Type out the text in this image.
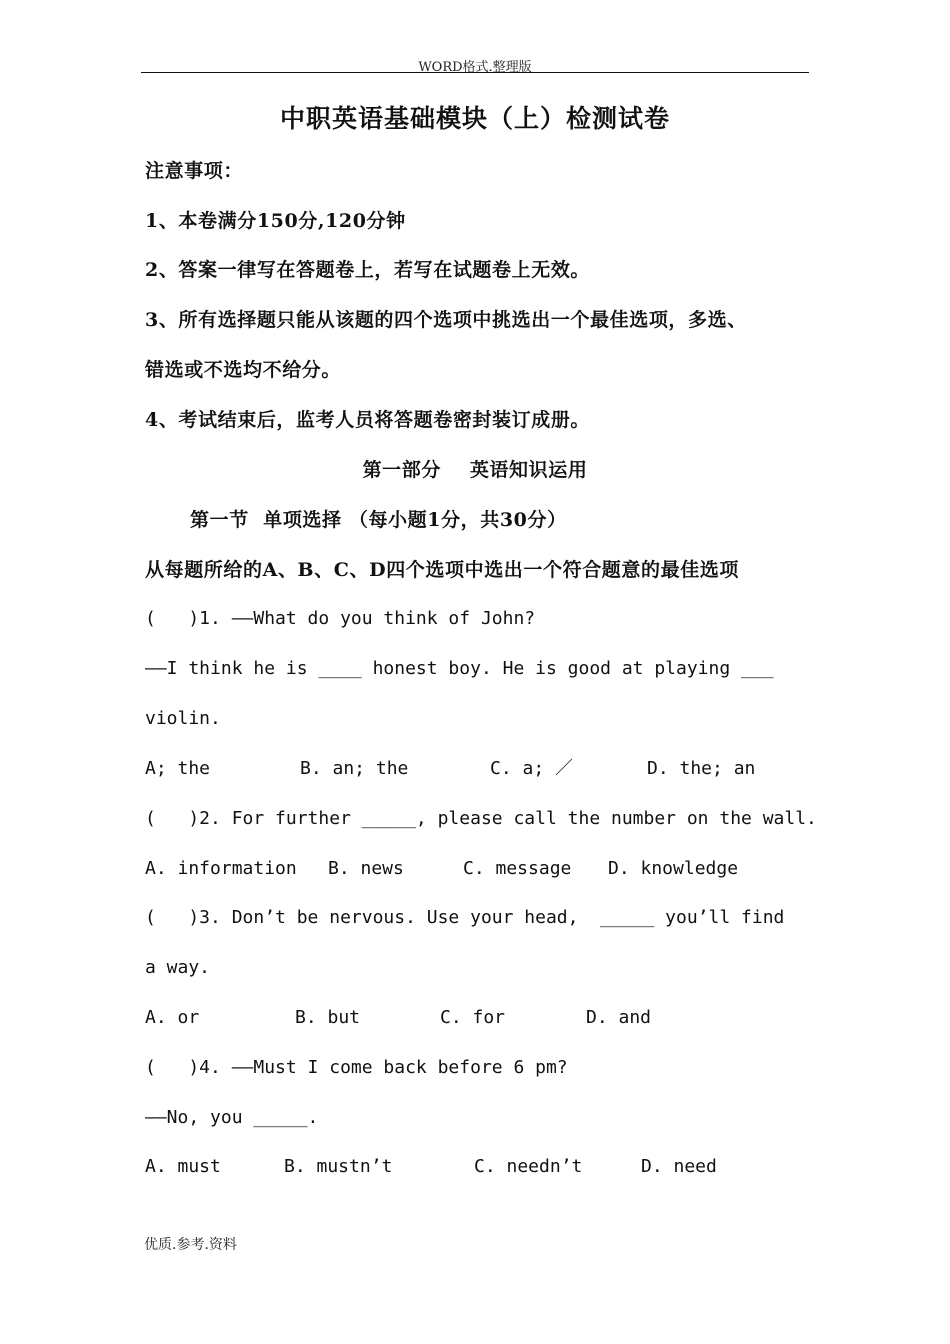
WORD格式.整理版
中职英语基础模块（上）检测试卷
注意事项：
1、本卷满分150分,120分钟
2、答案一律写在答题卷上，若写在试题卷上无效。
3、所有选择题只能从该题的四个选项中挑选出一个最佳选项，多选、
错选或不选均不给分。
4、考试结束后，监考人员将答题卷密封装订成册。
第一部分    英语知识运用
第一节  单项选择 （每小题1分，共30分）
从每题所给的A、B、C、D四个选项中选出一个符合题意的最佳选项
(   )1. ——What do you think of John?
——I think he is ____ honest boy. He is good at playing ___
violin.
A; the	B. an; the	C. a; ／	D. the; an
(   )2. For further _____, please call the number on the wall.
A. information B. news	C. message D. knowledge
(   )3. Don’t be nervous. Use your head,  _____ you’ll find
a way.
A. or	B. but	C. for	D. and
(   )4. ——Must I come back before 6 pm?
——No, you _____.
A. must	B. mustn’t	C. needn’t	D. need
优质.参考.资料
